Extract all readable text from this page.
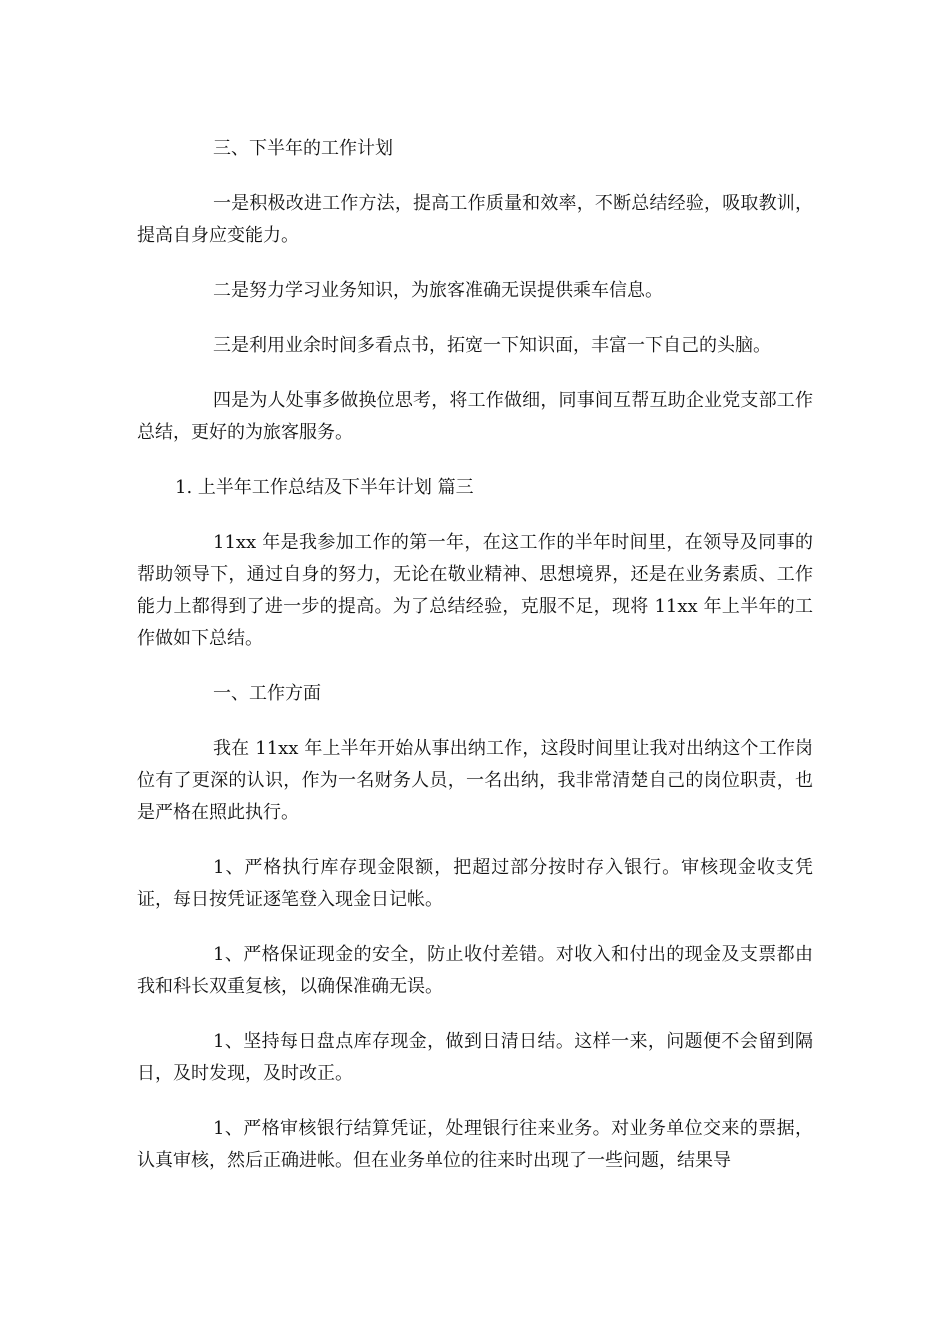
三、下半年的工作计划

一是积极改进工作方法，提高工作质量和效率，不断总结经验，吸取教训，提高自身应变能力。

二是努力学习业务知识，为旅客准确无误提供乘车信息。

三是利用业余时间多看点书，拓宽一下知识面，丰富一下自己的头脑。

四是为人处事多做换位思考，将工作做细，同事间互帮互助企业党支部工作总结，更好的为旅客服务。

1. 上半年工作总结及下半年计划 篇三

11xx 年是我参加工作的第一年，在这工作的半年时间里，在领导及同事的帮助领导下，通过自身的努力，无论在敬业精神、思想境界，还是在业务素质、工作能力上都得到了进一步的提高。为了总结经验，克服不足，现将 11xx 年上半年的工作做如下总结。

一、工作方面

我在 11xx 年上半年开始从事出纳工作，这段时间里让我对出纳这个工作岗位有了更深的认识，作为一名财务人员，一名出纳，我非常清楚自己的岗位职责，也是严格在照此执行。

1、严格执行库存现金限额，把超过部分按时存入银行。审核现金收支凭证，每日按凭证逐笔登入现金日记帐。

1、严格保证现金的安全，防止收付差错。对收入和付出的现金及支票都由我和科长双重复核，以确保准确无误。

1、坚持每日盘点库存现金，做到日清日结。这样一来，问题便不会留到隔日，及时发现，及时改正。

1、严格审核银行结算凭证，处理银行往来业务。对业务单位交来的票据，认真审核，然后正确进帐。但在业务单位的往来时出现了一些问题，结果导
